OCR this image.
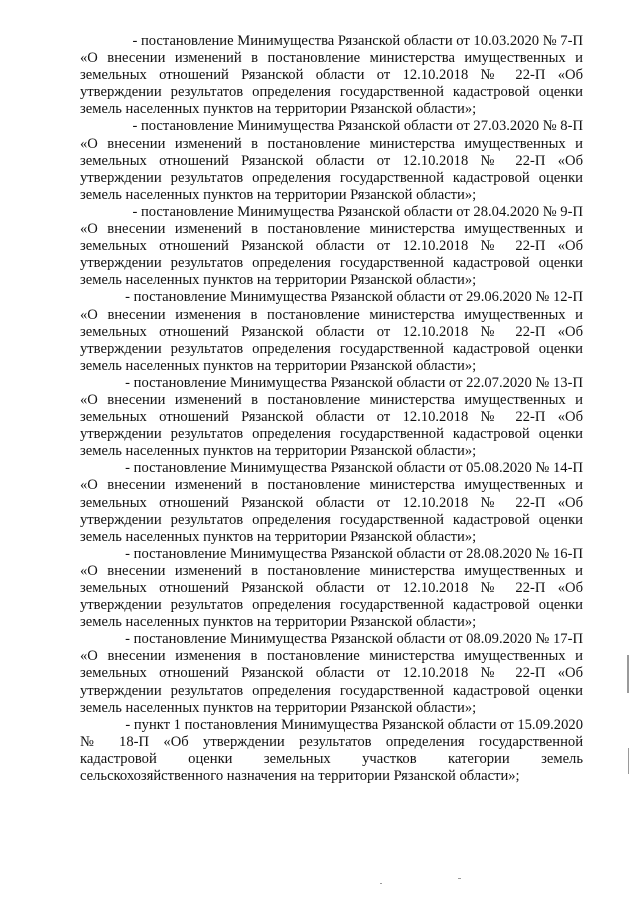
- постановление Минимущества Рязанской области от 10.03.2020 № 7-П
«О внесении изменений в постановление министерства имущественных и земельных отношений Рязанской области от 12.10.2018 № 22-П «Об утверждении результатов определения государственной кадастровой оценки земель населенных пунктов на территории Рязанской области»;

- постановление Минимущества Рязанской области от 27.03.2020 № 8-П
«О внесении изменений в постановление министерства имущественных и земельных отношений Рязанской области от 12.10.2018 № 22-П «Об утверждении результатов определения государственной кадастровой оценки земель населенных пунктов на территории Рязанской области»;

- постановление Минимущества Рязанской области от 28.04.2020 № 9-П
«О внесении изменений в постановление министерства имущественных и земельных отношений Рязанской области от 12.10.2018 № 22-П «Об утверждении результатов определения государственной кадастровой оценки земель населенных пунктов на территории Рязанской области»;

- постановление Минимущества Рязанской области от 29.06.2020 № 12-П
«О внесении изменения в постановление министерства имущественных и земельных отношений Рязанской области от 12.10.2018 № 22-П «Об утверждении результатов определения государственной кадастровой оценки земель населенных пунктов на территории Рязанской области»;

- постановление Минимущества Рязанской области от 22.07.2020 № 13-П
«О внесении изменений в постановление министерства имущественных и земельных отношений Рязанской области от 12.10.2018 № 22-П «Об утверждении результатов определения государственной кадастровой оценки земель населенных пунктов на территории Рязанской области»;

- постановление Минимущества Рязанской области от 05.08.2020 № 14-П
«О внесении изменений в постановление министерства имущественных и земельных отношений Рязанской области от 12.10.2018 № 22-П «Об утверждении результатов определения государственной кадастровой оценки земель населенных пунктов на территории Рязанской области»;

- постановление Минимущества Рязанской области от 28.08.2020 № 16-П
«О внесении изменений в постановление министерства имущественных и земельных отношений Рязанской области от 12.10.2018 № 22-П «Об утверждении результатов определения государственной кадастровой оценки земель населенных пунктов на территории Рязанской области»;

- постановление Минимущества Рязанской области от 08.09.2020 № 17-П
«О внесении изменения в постановление министерства имущественных и земельных отношений Рязанской области от 12.10.2018 № 22-П «Об утверждении результатов определения государственной кадастровой оценки земель населенных пунктов на территории Рязанской области»;

- пункт 1 постановления Минимущества Рязанской области от 15.09.2020
№ 18-П «Об утверждении результатов определения государственной кадастровой оценки земельных участков категории земель сельскохозяйственного назначения на территории Рязанской области»;
